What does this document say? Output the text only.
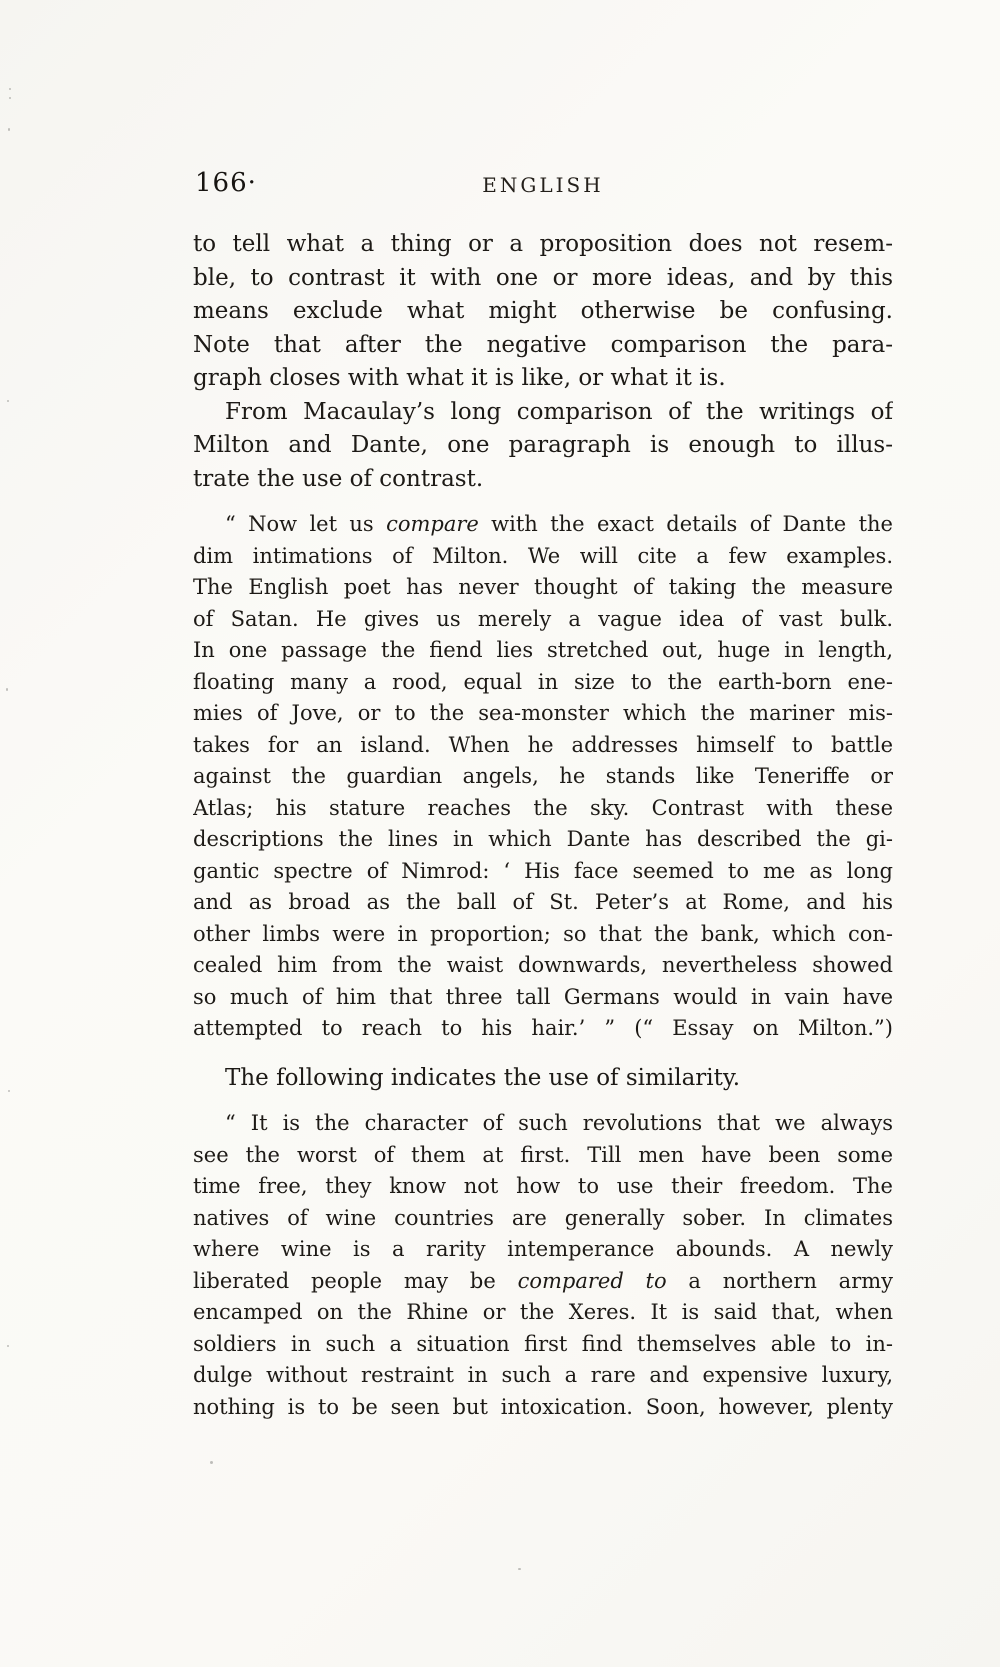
166·	ENGLISH
to tell what a thing or a proposition does not resem-
ble, to contrast it with one or more ideas, and by this
means exclude what might otherwise be confusing.
Note that after the negative comparison the para-
graph closes with what it is like, or what it is.
From Macaulay’s long comparison of the writings of
Milton and Dante, one paragraph is enough to illus-
trate the use of contrast.
“ Now let us compare with the exact details of Dante the
dim intimations of Milton. We will cite a few examples.
The English poet has never thought of taking the measure
of Satan. He gives us merely a vague idea of vast bulk.
In one passage the fiend lies stretched out, huge in length,
floating many a rood, equal in size to the earth-born ene-
mies of Jove, or to the sea-monster which the mariner mis-
takes for an island. When he addresses himself to battle
against the guardian angels, he stands like Teneriffe or
Atlas; his stature reaches the sky. Contrast with these
descriptions the lines in which Dante has described the gi-
gantic spectre of Nimrod: ‘ His face seemed to me as long
and as broad as the ball of St. Peter’s at Rome, and his
other limbs were in proportion; so that the bank, which con-
cealed him from the waist downwards, nevertheless showed
so much of him that three tall Germans would in vain have
attempted to reach to his hair.’ ” (“ Essay on Milton.”)
The following indicates the use of similarity.
“ It is the character of such revolutions that we always
see the worst of them at first. Till men have been some
time free, they know not how to use their freedom. The
natives of wine countries are generally sober. In climates
where wine is a rarity intemperance abounds. A newly
liberated people may be compared to a northern army
encamped on the Rhine or the Xeres. It is said that, when
soldiers in such a situation first find themselves able to in-
dulge without restraint in such a rare and expensive luxury,
nothing is to be seen but intoxication. Soon, however, plenty
